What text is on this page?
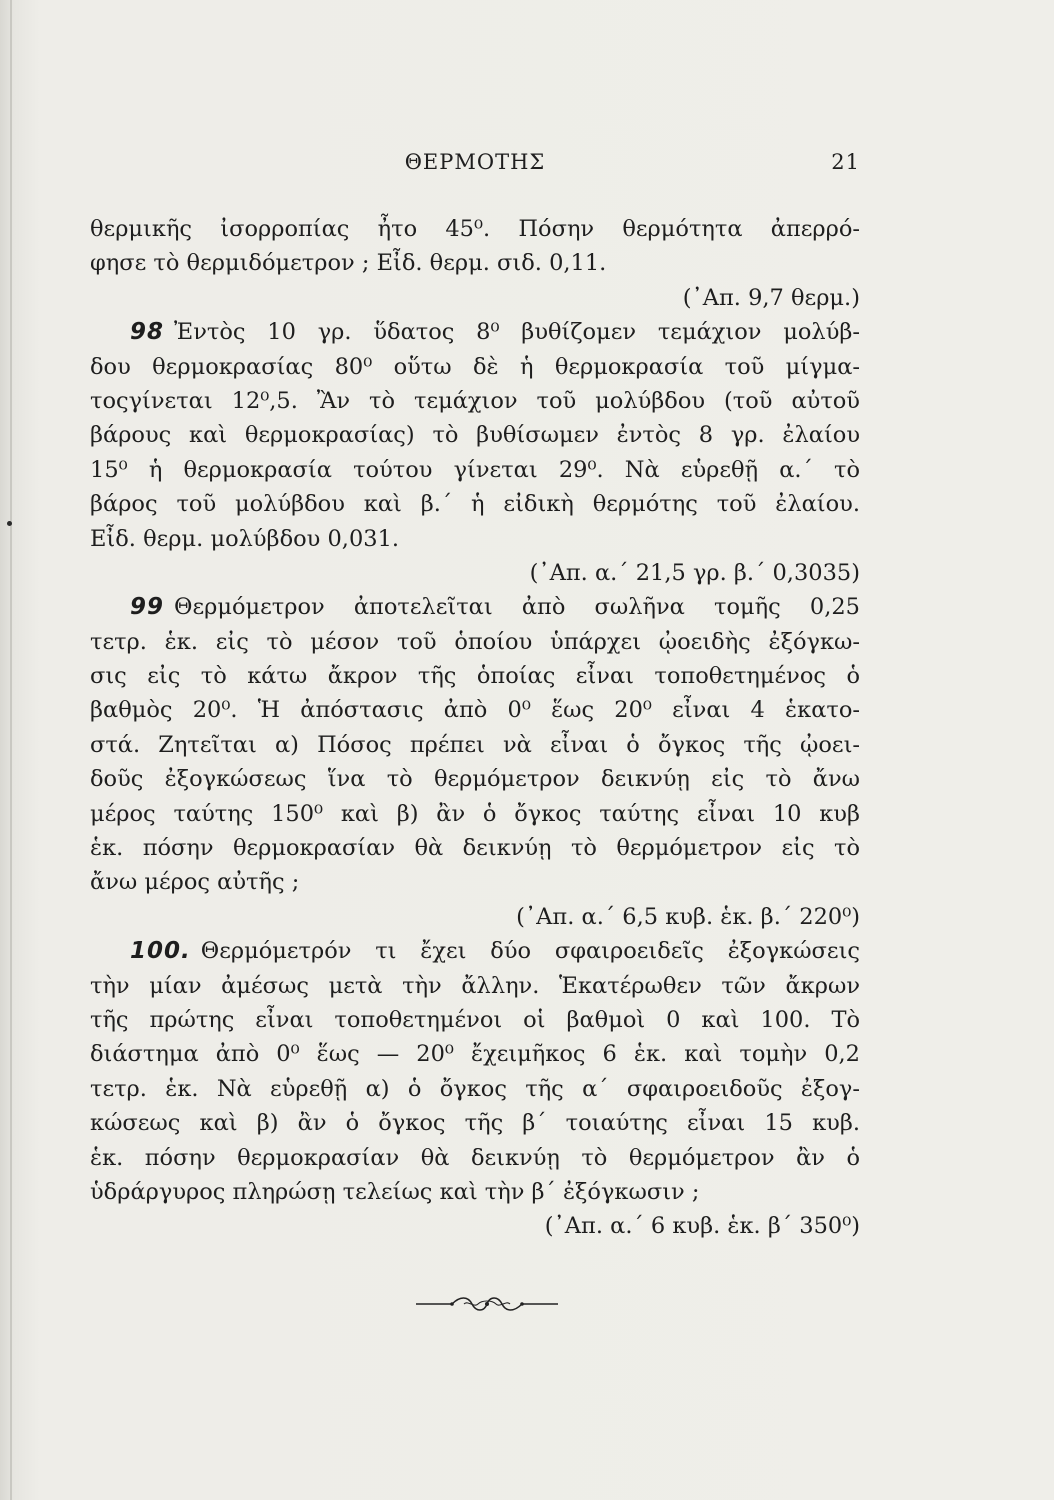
ΘΕΡΜΟΤΗΣ	21
θερμικῆς ἰσορροπίας ἦτο 45⁰. Πόσην θερμότητα ἀπερρό-
φησε τὸ θερμιδόμετρον ; Εἶδ. θερμ. σιδ. 0,11.
(᾿Απ. 9,7 θερμ.)
98 Ἐντὸς 10 γρ. ὕδατος 8⁰ βυθίζομεν τεμάχιον μολύβ-
δου θερμοκρασίας 80⁰ οὕτω δὲ ἡ θερμοκρασία τοῦ μίγμα-
τοςγίνεται 12⁰,5. Ἂν τὸ τεμάχιον τοῦ μολύβδου (τοῦ αὐτοῦ
βάρους καὶ θερμοκρασίας) τὸ βυθίσωμεν ἐντὸς 8 γρ. ἐλαίου
15⁰ ἡ θερμοκρασία τούτου γίνεται 29⁰. Νὰ εὑρεθῇ α.΄ τὸ
βάρος τοῦ μολύβδου καὶ β.΄ ἡ εἰδικὴ θερμότης τοῦ ἐλαίου.
Εἶδ. θερμ. μολύβδου 0,031.
(᾿Απ. α.΄ 21,5 γρ. β.΄ 0,3035)
99 Θερμόμετρον ἀποτελεῖται ἀπὸ σωλῆνα τομῆς 0,25
τετρ. ἑκ. εἰς τὸ μέσον τοῦ ὁποίου ὑπάρχει ᾠοειδὴς ἐξόγκω-
σις εἰς τὸ κάτω ἄκρον τῆς ὁποίας εἶναι τοποθετημένος ὁ
βαθμὸς 20⁰. Ἡ ἀπόστασις ἀπὸ 0⁰ ἕως 20⁰ εἶναι 4 ἑκατο-
στά. Ζητεῖται α) Πόσος πρέπει νὰ εἶναι ὁ ὄγκος τῆς ᾠοει-
δοῦς ἐξογκώσεως ἵνα τὸ θερμόμετρον δεικνύῃ εἰς τὸ ἄνω
μέρος ταύτης 150⁰ καὶ β) ἂν ὁ ὄγκος ταύτης εἶναι 10 κυβ
ἑκ. πόσην θερμοκρασίαν θὰ δεικνύῃ τὸ θερμόμετρον εἰς τὸ
ἄνω μέρος αὐτῆς ;
(᾿Απ. α.΄ 6,5 κυβ. ἑκ. β.΄ 220⁰)
100. Θερμόμετρόν τι ἔχει δύο σφαιροειδεῖς ἐξογκώσεις
τὴν μίαν ἀμέσως μετὰ τὴν ἄλλην. Ἑκατέρωθεν τῶν ἄκρων
τῆς πρώτης εἶναι τοποθετημένοι οἱ βαθμοὶ 0 καὶ 100. Τὸ
διάστημα ἀπὸ 0⁰ ἕως — 20⁰ ἔχειμῆκος 6 ἑκ. καὶ τομὴν 0,2
τετρ. ἑκ. Νὰ εὑρεθῇ α) ὁ ὄγκος τῆς α΄ σφαιροειδοῦς ἐξογ-
κώσεως καὶ β) ἂν ὁ ὄγκος τῆς β΄ τοιαύτης εἶναι 15 κυβ.
ἑκ. πόσην θερμοκρασίαν θὰ δεικνύῃ τὸ θερμόμετρον ἂν ὁ
ὑδράργυρος πληρώσῃ τελείως καὶ τὴν β΄ ἐξόγκωσιν ;
(᾿Απ. α.΄ 6 κυβ. ἑκ. β΄ 350⁰)
